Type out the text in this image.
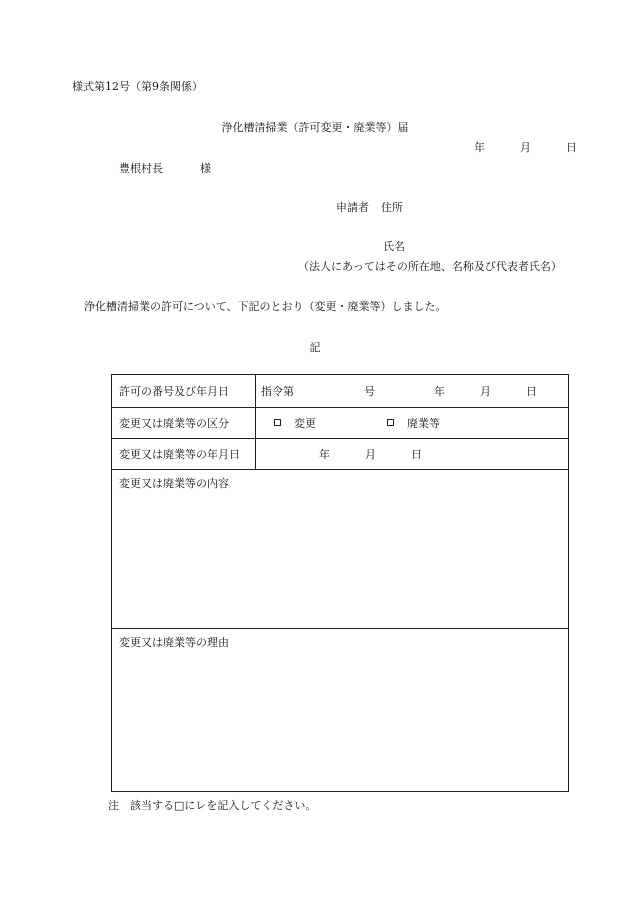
様式第12号（第9条関係）
浄化槽清掃業（許可変更・廃業等）届
年	月	日
豊根村長	様
申請者 住所
氏名
（法人にあってはその所在地、名称及び代表者氏名）
浄化槽清掃業の許可について、下記のとおり（変更・廃業等）しました。
記
許可の番号及び年月日	指令第	号	年	月	日
変更又は廃業等の区分	変更	廃業等
変更又は廃業等の年月日	年	月	日
変更又は廃業等の内容
変更又は廃業等の理由
注 該当する□にレを記入してください。
